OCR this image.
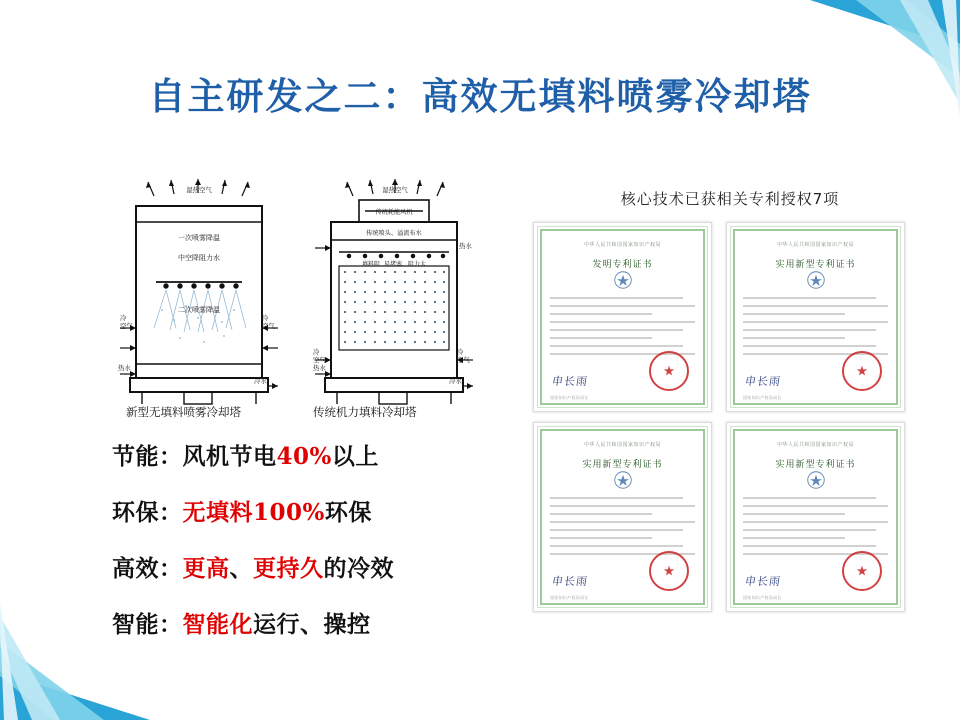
自主研发之二：高效无填料喷雾冷却塔
湿热空气
一次喷雾降温
中空降阻力水
二次喷雾降温
冷
空气
冷
空气
热水
冷水
湿热空气
传统耗能风机
传统喷头、溢流布水
填料阻 易堵塞、阻力大
热水
冷
空气
冷
空气
热水
冷水
新型无填料喷雾冷却塔	传统机力填料冷却塔
节能：风机节电40%以上
环保：无填料100%环保
高效：更高、更持久的冷效
智能：智能化运行、操控
核心技术已获相关专利授权7项
中华人民共和国国家知识产权局
发明专利证书
申长雨
国家知识产权局局长
中华人民共和国国家知识产权局
实用新型专利证书
申长雨
国家知识产权局局长
中华人民共和国国家知识产权局
实用新型专利证书
申长雨
国家知识产权局局长
中华人民共和国国家知识产权局
实用新型专利证书
申长雨
国家知识产权局局长
